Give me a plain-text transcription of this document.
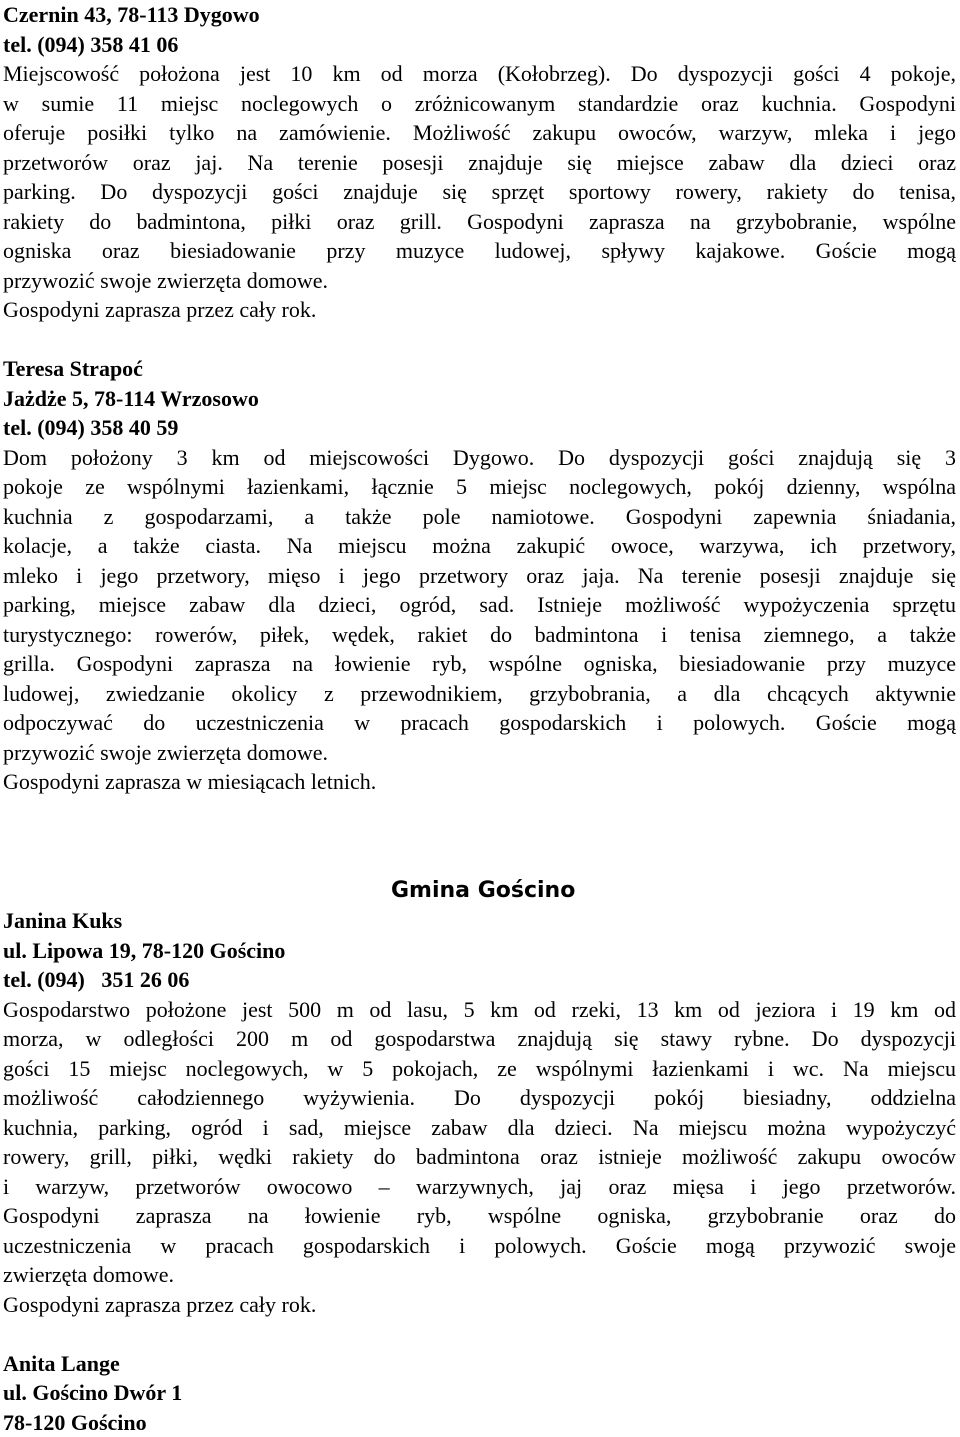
Czernin 43, 78-113 Dygowo
tel. (094) 358 41 06
Miejscowość położona jest 10 km od morza (Kołobrzeg). Do dyspozycji gości 4 pokoje,
w sumie 11 miejsc noclegowych o zróżnicowanym standardzie oraz kuchnia. Gospodyni
oferuje posiłki tylko na zamówienie. Możliwość zakupu owoców, warzyw, mleka i jego
przetworów oraz jaj. Na terenie posesji znajduje się miejsce zabaw dla dzieci oraz
parking. Do dyspozycji gości znajduje się sprzęt sportowy rowery, rakiety do tenisa,
rakiety do badmintona, piłki oraz grill. Gospodyni zaprasza na grzybobranie, wspólne
ogniska oraz biesiadowanie przy muzyce ludowej, spływy kajakowe. Goście mogą
przywozić swoje zwierzęta domowe.
Gospodyni zaprasza przez cały rok.
Teresa Strapoć
Jażdże 5, 78-114 Wrzosowo
tel. (094) 358 40 59
Dom położony 3 km od miejscowości Dygowo. Do dyspozycji gości znajdują się 3
pokoje ze wspólnymi łazienkami, łącznie 5 miejsc noclegowych, pokój dzienny, wspólna
kuchnia z gospodarzami, a także pole namiotowe. Gospodyni zapewnia śniadania,
kolacje, a także ciasta. Na miejscu można zakupić owoce, warzywa, ich przetwory,
mleko i jego przetwory, mięso i jego przetwory oraz jaja. Na terenie posesji znajduje się
parking, miejsce zabaw dla dzieci, ogród, sad. Istnieje możliwość wypożyczenia sprzętu
turystycznego: rowerów, piłek, wędek, rakiet do badmintona i tenisa ziemnego, a także
grilla. Gospodyni zaprasza na łowienie ryb, wspólne ogniska, biesiadowanie przy muzyce
ludowej, zwiedzanie okolicy z przewodnikiem, grzybobrania, a dla chcących aktywnie
odpoczywać do uczestniczenia w pracach gospodarskich i polowych. Goście mogą
przywozić swoje zwierzęta domowe.
Gospodyni zaprasza w miesiącach letnich.
Gmina Gościno
Janina Kuks
ul. Lipowa 19, 78-120 Gościno
tel. (094)   351 26 06
Gospodarstwo położone jest 500 m od lasu, 5 km od rzeki, 13 km od jeziora i 19 km od
morza, w odległości 200 m od gospodarstwa znajdują się stawy rybne. Do dyspozycji
gości 15 miejsc noclegowych, w 5 pokojach, ze wspólnymi łazienkami i wc. Na miejscu
możliwość całodziennego wyżywienia. Do dyspozycji pokój biesiadny, oddzielna
kuchnia, parking, ogród i sad, miejsce zabaw dla dzieci. Na miejscu można wypożyczyć
rowery, grill, piłki, wędki rakiety do badmintona oraz istnieje możliwość zakupu owoców
i warzyw, przetworów owocowo – warzywnych, jaj oraz mięsa i jego przetworów.
Gospodyni zaprasza na łowienie ryb, wspólne ogniska, grzybobranie oraz do
uczestniczenia w pracach gospodarskich i polowych. Goście mogą przywozić swoje
zwierzęta domowe.
Gospodyni zaprasza przez cały rok.
Anita Lange
ul. Gościno Dwór 1
78-120 Gościno
